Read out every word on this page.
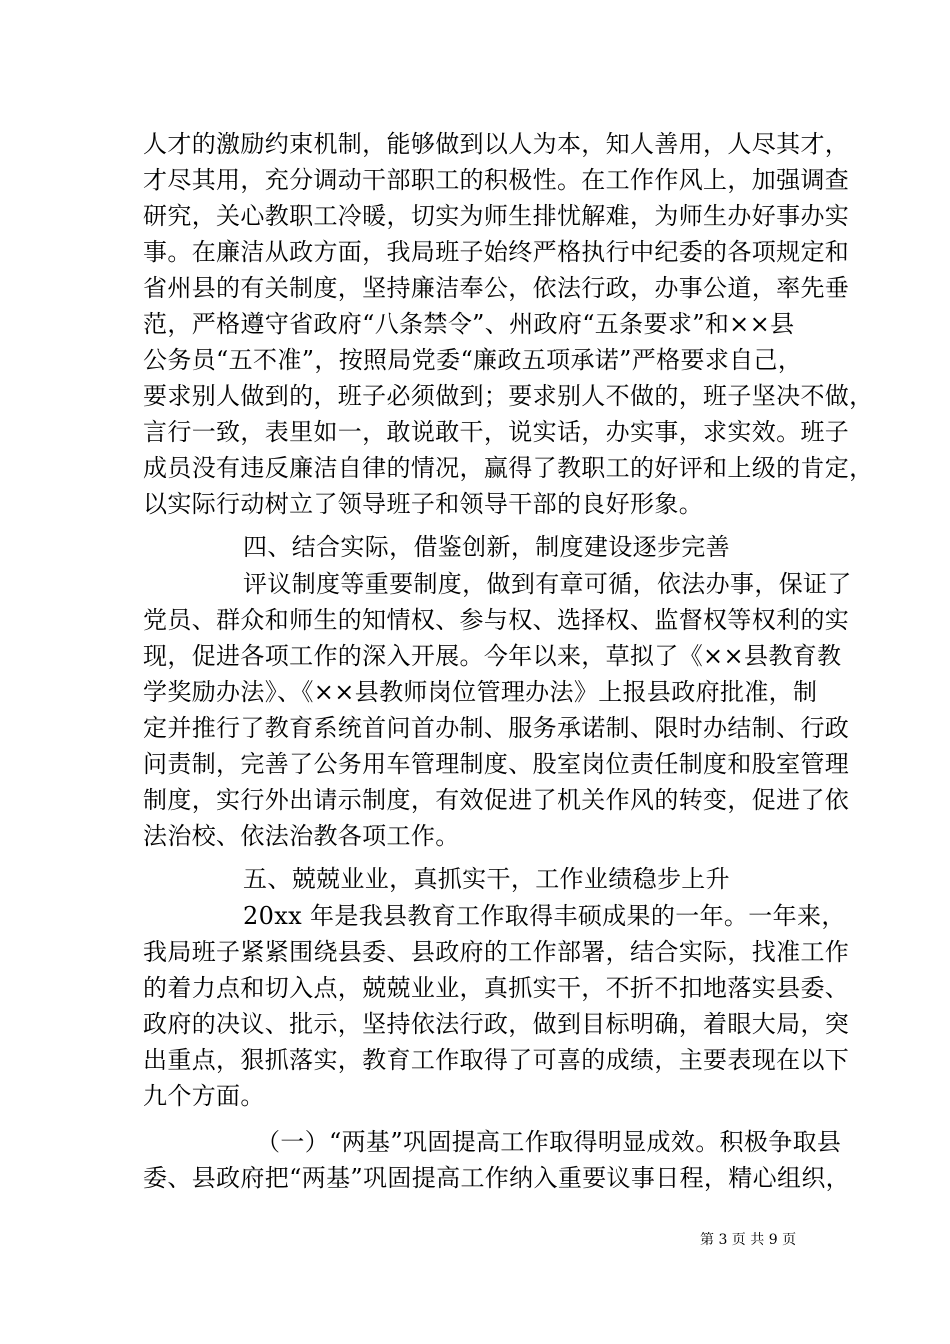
人才的激励约束机制，能够做到以人为本，知人善用，人尽其才，
才尽其用，充分调动干部职工的积极性。在工作作风上，加强调查
研究，关心教职工冷暖，切实为师生排忧解难，为师生办好事办实
事。在廉洁从政方面，我局班子始终严格执行中纪委的各项规定和
省州县的有关制度，坚持廉洁奉公，依法行政，办事公道，率先垂
范，严格遵守省政府“八条禁令”、州政府“五条要求”和××县
公务员“五不准”，按照局党委“廉政五项承诺”严格要求自己，
要求别人做到的，班子必须做到；要求别人不做的，班子坚决不做，
言行一致，表里如一，敢说敢干，说实话，办实事，求实效。班子
成员没有违反廉洁自律的情况，赢得了教职工的好评和上级的肯定，
以实际行动树立了领导班子和领导干部的良好形象。
四、结合实际，借鉴创新，制度建设逐步完善
评议制度等重要制度，做到有章可循，依法办事，保证了
党员、群众和师生的知情权、参与权、选择权、监督权等权利的实
现，促进各项工作的深入开展。今年以来，草拟了《××县教育教
学奖励办法》、《××县教师岗位管理办法》上报县政府批准，制
定并推行了教育系统首问首办制、服务承诺制、限时办结制、行政
问责制，完善了公务用车管理制度、股室岗位责任制度和股室管理
制度，实行外出请示制度，有效促进了机关作风的转变，促进了依
法治校、依法治教各项工作。
五、兢兢业业，真抓实干，工作业绩稳步上升
20xx 年是我县教育工作取得丰硕成果的一年。一年来，
我局班子紧紧围绕县委、县政府的工作部署，结合实际，找准工作
的着力点和切入点，兢兢业业，真抓实干，不折不扣地落实县委、
政府的决议、批示，坚持依法行政，做到目标明确，着眼大局，突
出重点，狠抓落实，教育工作取得了可喜的成绩，主要表现在以下
九个方面。
（一）“两基”巩固提高工作取得明显成效。积极争取县
委、县政府把“两基”巩固提高工作纳入重要议事日程，精心组织，
第 3 页 共 9 页
